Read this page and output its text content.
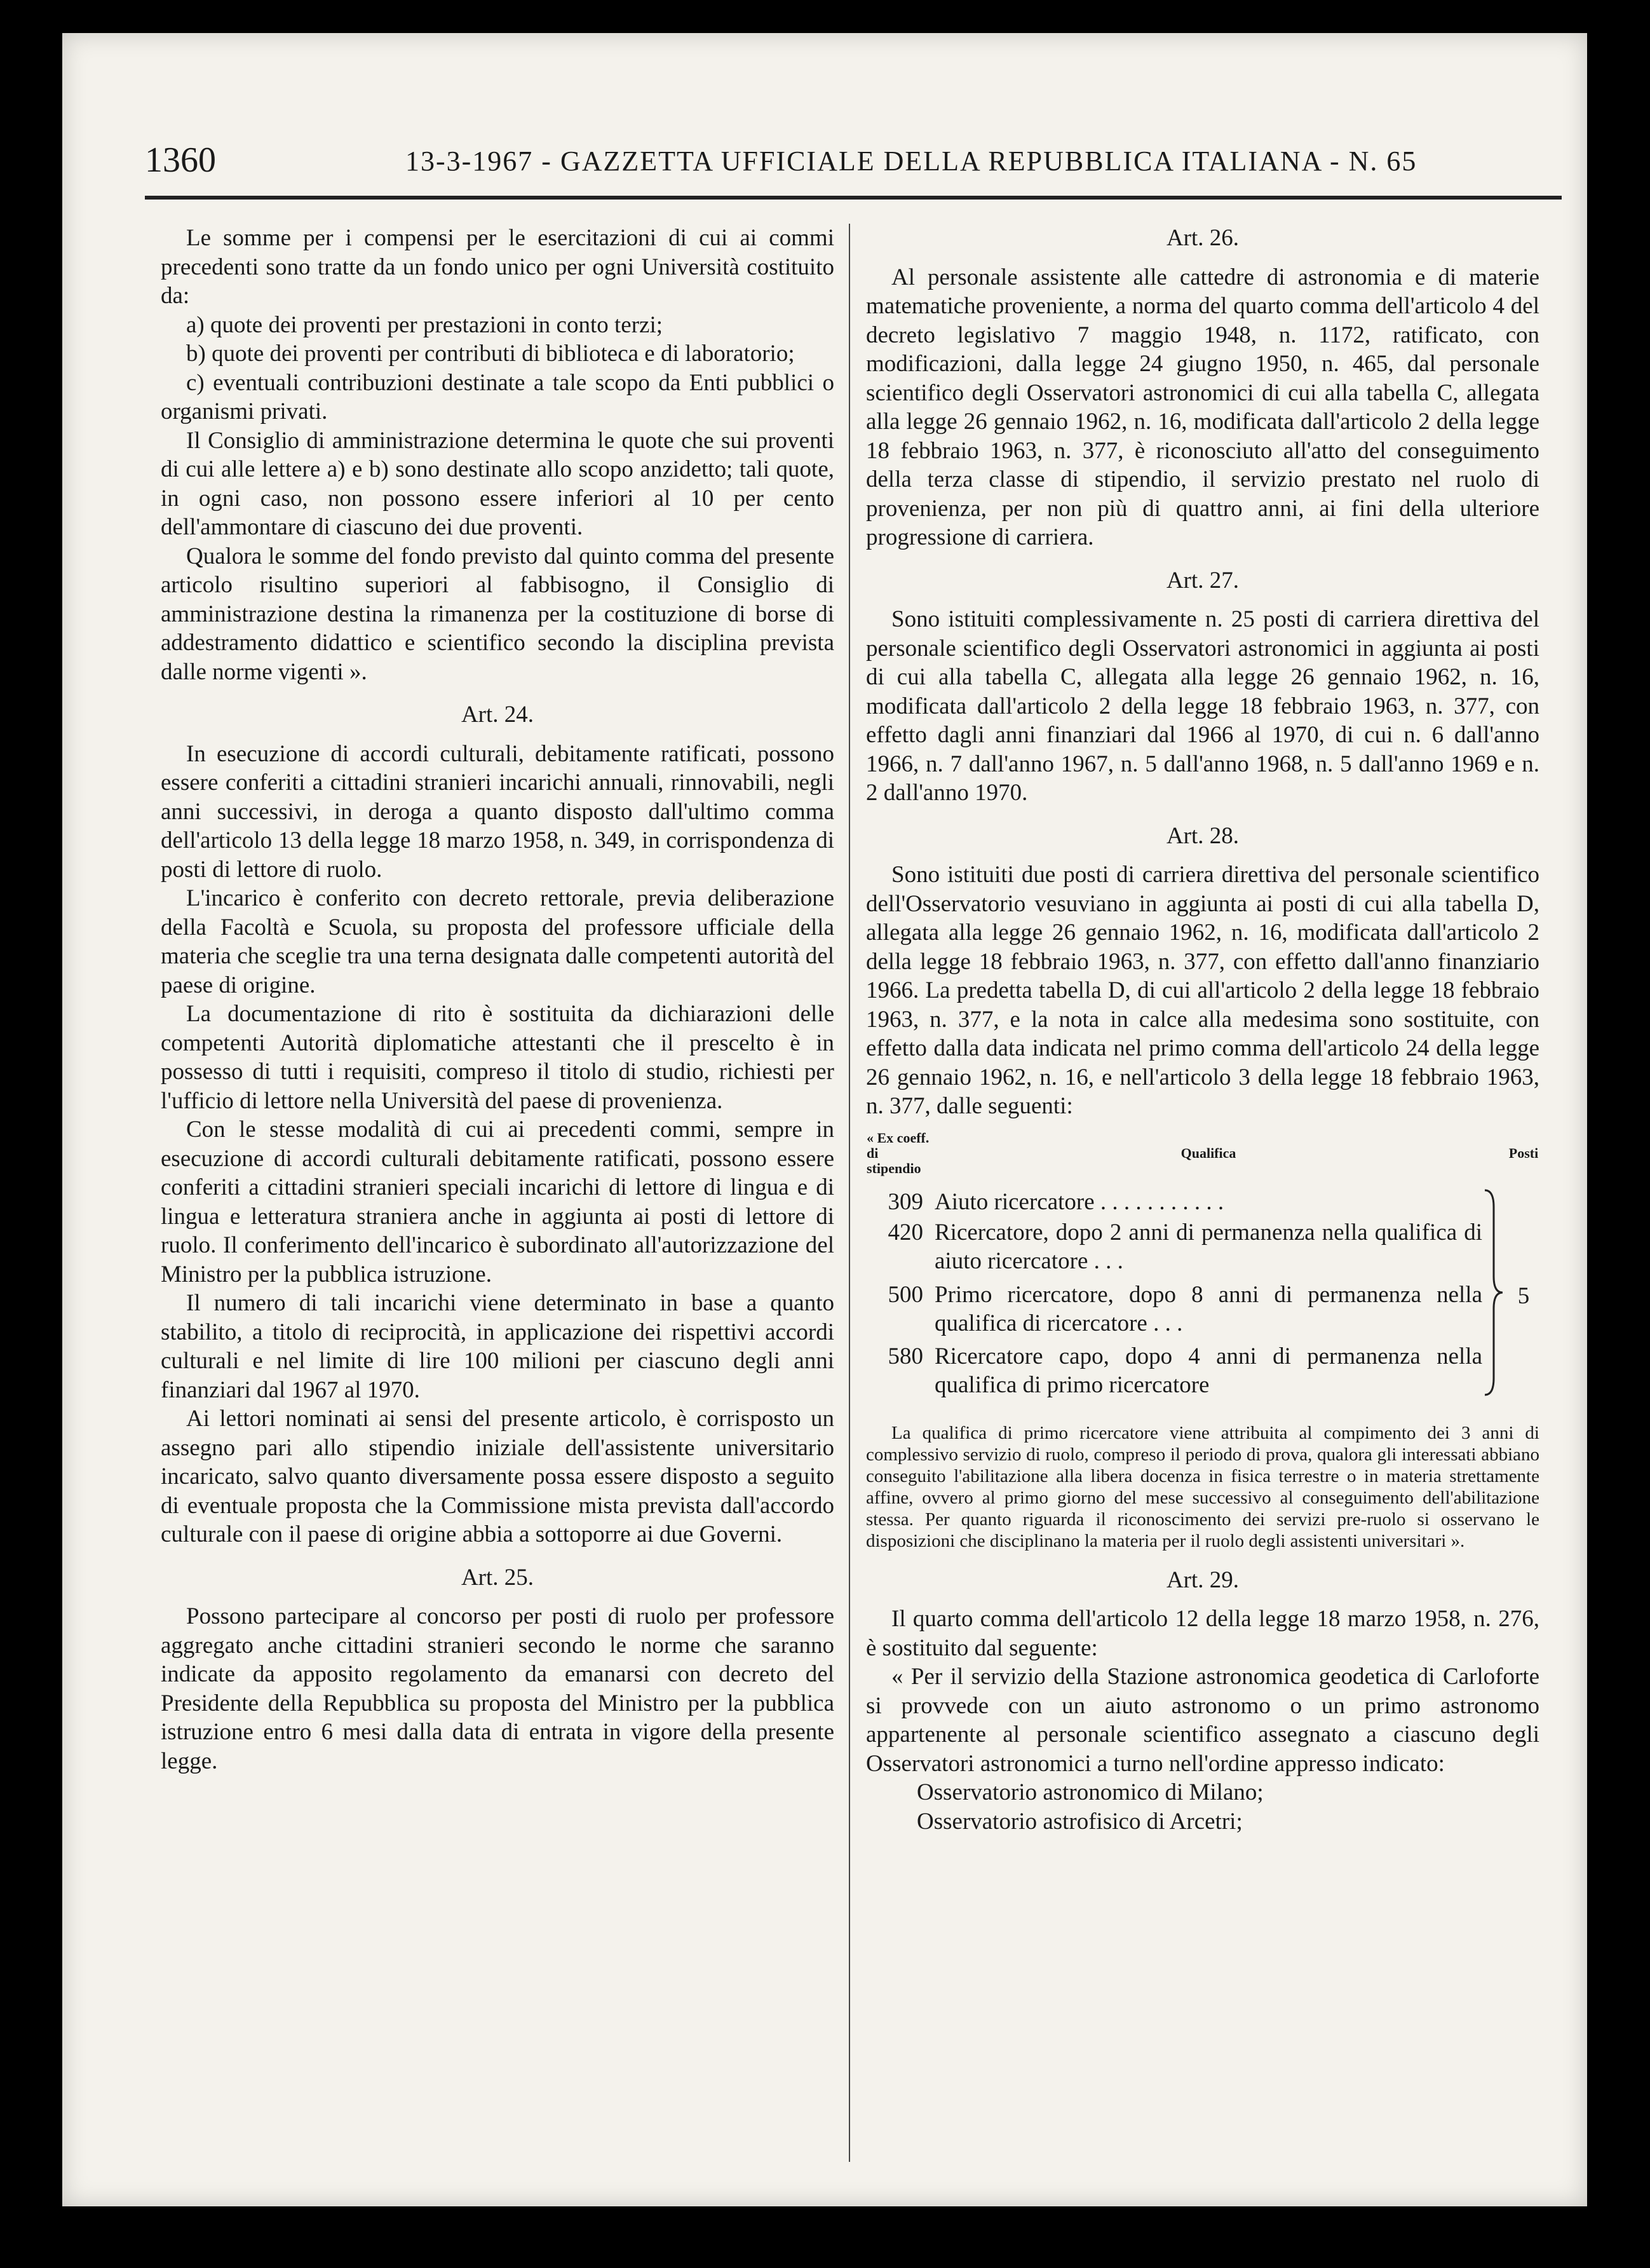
1360	13-3-1967 - GAZZETTA UFFICIALE DELLA REPUBBLICA ITALIANA - N. 65

Le somme per i compensi per le esercitazioni di cui ai commi precedenti sono tratte da un fondo unico per ogni Università costituito da:

a) quote dei proventi per prestazioni in conto terzi;

b) quote dei proventi per contributi di biblioteca e di laboratorio;

c) eventuali contribuzioni destinate a tale scopo da Enti pubblici o organismi privati.

Il Consiglio di amministrazione determina le quote che sui proventi di cui alle lettere a) e b) sono destinate allo scopo anzidetto; tali quote, in ogni caso, non possono essere inferiori al 10 per cento dell'ammontare di ciascuno dei due proventi.

Qualora le somme del fondo previsto dal quinto comma del presente articolo risultino superiori al fabbisogno, il Consiglio di amministrazione destina la rimanenza per la costituzione di borse di addestramento didattico e scientifico secondo la disciplina prevista dalle norme vigenti ».

Art. 24.

In esecuzione di accordi culturali, debitamente ratificati, possono essere conferiti a cittadini stranieri incarichi annuali, rinnovabili, negli anni successivi, in deroga a quanto disposto dall'ultimo comma dell'articolo 13 della legge 18 marzo 1958, n. 349, in corrispondenza di posti di lettore di ruolo.

L'incarico è conferito con decreto rettorale, previa deliberazione della Facoltà e Scuola, su proposta del professore ufficiale della materia che sceglie tra una terna designata dalle competenti autorità del paese di origine.

La documentazione di rito è sostituita da dichiarazioni delle competenti Autorità diplomatiche attestanti che il prescelto è in possesso di tutti i requisiti, compreso il titolo di studio, richiesti per l'ufficio di lettore nella Università del paese di provenienza.

Con le stesse modalità di cui ai precedenti commi, sempre in esecuzione di accordi culturali debitamente ratificati, possono essere conferiti a cittadini stranieri speciali incarichi di lettore di lingua e di lingua e letteratura straniera anche in aggiunta ai posti di lettore di ruolo. Il conferimento dell'incarico è subordinato all'autorizzazione del Ministro per la pubblica istruzione.

Il numero di tali incarichi viene determinato in base a quanto stabilito, a titolo di reciprocità, in applicazione dei rispettivi accordi culturali e nel limite di lire 100 milioni per ciascuno degli anni finanziari dal 1967 al 1970.

Ai lettori nominati ai sensi del presente articolo, è corrisposto un assegno pari allo stipendio iniziale dell'assistente universitario incaricato, salvo quanto diversamente possa essere disposto a seguito di eventuale proposta che la Commissione mista prevista dall'accordo culturale con il paese di origine abbia a sottoporre ai due Governi.

Art. 25.

Possono partecipare al concorso per posti di ruolo per professore aggregato anche cittadini stranieri secondo le norme che saranno indicate da apposito regolamento da emanarsi con decreto del Presidente della Repubblica su proposta del Ministro per la pubblica istruzione entro 6 mesi dalla data di entrata in vigore della presente legge.

Art. 26.

Al personale assistente alle cattedre di astronomia e di materie matematiche proveniente, a norma del quarto comma dell'articolo 4 del decreto legislativo 7 maggio 1948, n. 1172, ratificato, con modificazioni, dalla legge 24 giugno 1950, n. 465, dal personale scientifico degli Osservatori astronomici di cui alla tabella C, allegata alla legge 26 gennaio 1962, n. 16, modificata dall'articolo 2 della legge 18 febbraio 1963, n. 377, è riconosciuto all'atto del conseguimento della terza classe di stipendio, il servizio prestato nel ruolo di provenienza, per non più di quattro anni, ai fini della ulteriore progressione di carriera.

Art. 27.

Sono istituiti complessivamente n. 25 posti di carriera direttiva del personale scientifico degli Osservatori astronomici in aggiunta ai posti di cui alla tabella C, allegata alla legge 26 gennaio 1962, n. 16, modificata dall'articolo 2 della legge 18 febbraio 1963, n. 377, con effetto dagli anni finanziari dal 1966 al 1970, di cui n. 6 dall'anno 1966, n. 7 dall'anno 1967, n. 5 dall'anno 1968, n. 5 dall'anno 1969 e n. 2 dall'anno 1970.

Art. 28.

Sono istituiti due posti di carriera direttiva del personale scientifico dell'Osservatorio vesuviano in aggiunta ai posti di cui alla tabella D, allegata alla legge 26 gennaio 1962, n. 16, modificata dall'articolo 2 della legge 18 febbraio 1963, n. 377, con effetto dall'anno finanziario 1966. La predetta tabella D, di cui all'articolo 2 della legge 18 febbraio 1963, n. 377, e la nota in calce alla medesima sono sostituite, con effetto dalla data indicata nel primo comma dell'articolo 24 della legge 26 gennaio 1962, n. 16, e nell'articolo 3 della legge 18 febbraio 1963, n. 377, dalle seguenti:

« Ex coeff. di stipendio	Qualifica		Posti
309	Aiuto ricercatore . . . . . . . . . . .		5
420	Ricercatore, dopo 2 anni di permanenza nella qualifica di aiuto ricercatore . . .		
500	Primo ricercatore, dopo 8 anni di permanenza nella qualifica di ricercatore . . .		
580	Ricercatore capo, dopo 4 anni di permanenza nella qualifica di primo ricercatore		

La qualifica di primo ricercatore viene attribuita al compimento dei 3 anni di complessivo servizio di ruolo, compreso il periodo di prova, qualora gli interessati abbiano conseguito l'abilitazione alla libera docenza in fisica terrestre o in materia strettamente affine, ovvero al primo giorno del mese successivo al conseguimento dell'abilitazione stessa. Per quanto riguarda il riconoscimento dei servizi pre-ruolo si osservano le disposizioni che disciplinano la materia per il ruolo degli assistenti universitari ».

Art. 29.

Il quarto comma dell'articolo 12 della legge 18 marzo 1958, n. 276, è sostituito dal seguente:

« Per il servizio della Stazione astronomica geodetica di Carloforte si provvede con un aiuto astronomo o un primo astronomo appartenente al personale scientifico assegnato a ciascuno degli Osservatori astronomici a turno nell'ordine appresso indicato:

Osservatorio astronomico di Milano;

Osservatorio astrofisico di Arcetri;
